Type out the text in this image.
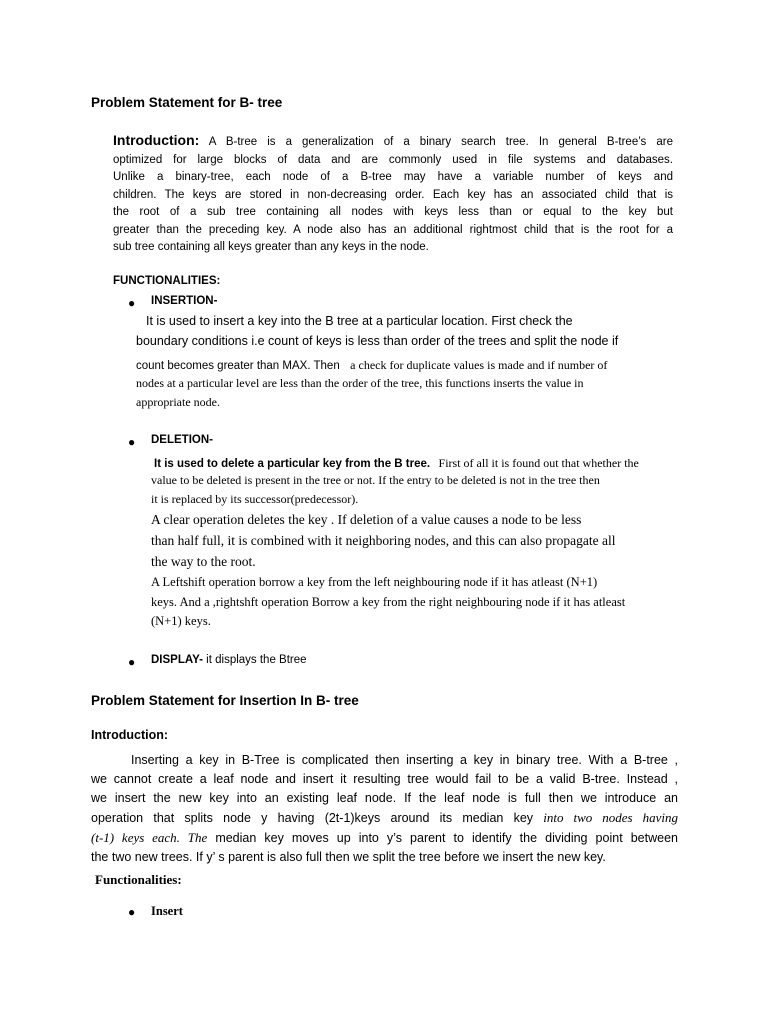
Problem Statement for B- tree
Introduction: A B-tree is a generalization of a binary search tree. In general B-tree’s are
optimized for large blocks of data and are commonly used in file systems and databases.
Unlike a binary-tree, each node of a B-tree may have a variable number of keys and
children. The keys are stored in non-decreasing order. Each key has an associated child that is
the root of a sub tree containing all nodes with keys less than or equal to the key but
greater than the preceding key. A node also has an additional rightmost child that is the root for a
sub tree containing all keys greater than any keys in the node.
FUNCTIONALITIES:
● INSERTION-
It is used to insert a key into the B tree at a particular location. First check the
boundary conditions i.e count of keys is less than order of the trees and split the node if
count becomes greater than MAX. Then a check for duplicate values is made and if number of
nodes at a particular level are less than the order of the tree, this functions inserts the value in
appropriate node.
● DELETION-
It is used to delete a particular key from the B tree. First of all it is found out that whether the
value to be deleted is present in the tree or not. If the entry to be deleted is not in the tree then
it is replaced by its successor(predecessor).
A clear operation deletes the key . If deletion of a value causes a node to be less
than half full, it is combined with it neighboring nodes, and this can also propagate all
the way to the root.
A Leftshift operation borrow a key from the left neighbouring node if it has atleast (N+1)
keys. And a ,rightshft operation Borrow a key from the right neighbouring node if it has atleast
(N+1) keys.
● DISPLAY- it displays the Btree
Problem Statement for Insertion In B- tree
Introduction:
Inserting a key in B-Tree is complicated then inserting a key in binary tree. With a B-tree ,
we cannot create a leaf node and insert it resulting tree would fail to be a valid B-tree. Instead ,
we insert the new key into an existing leaf node. If the leaf node is full then we introduce an
operation that splits node y having (2t-1)keys around its median key into two nodes having
(t-1) keys each. The median key moves up into y’s parent to identify the dividing point between
the two new trees. If y’ s parent is also full then we split the tree before we insert the new key.
Functionalities:
● Insert
